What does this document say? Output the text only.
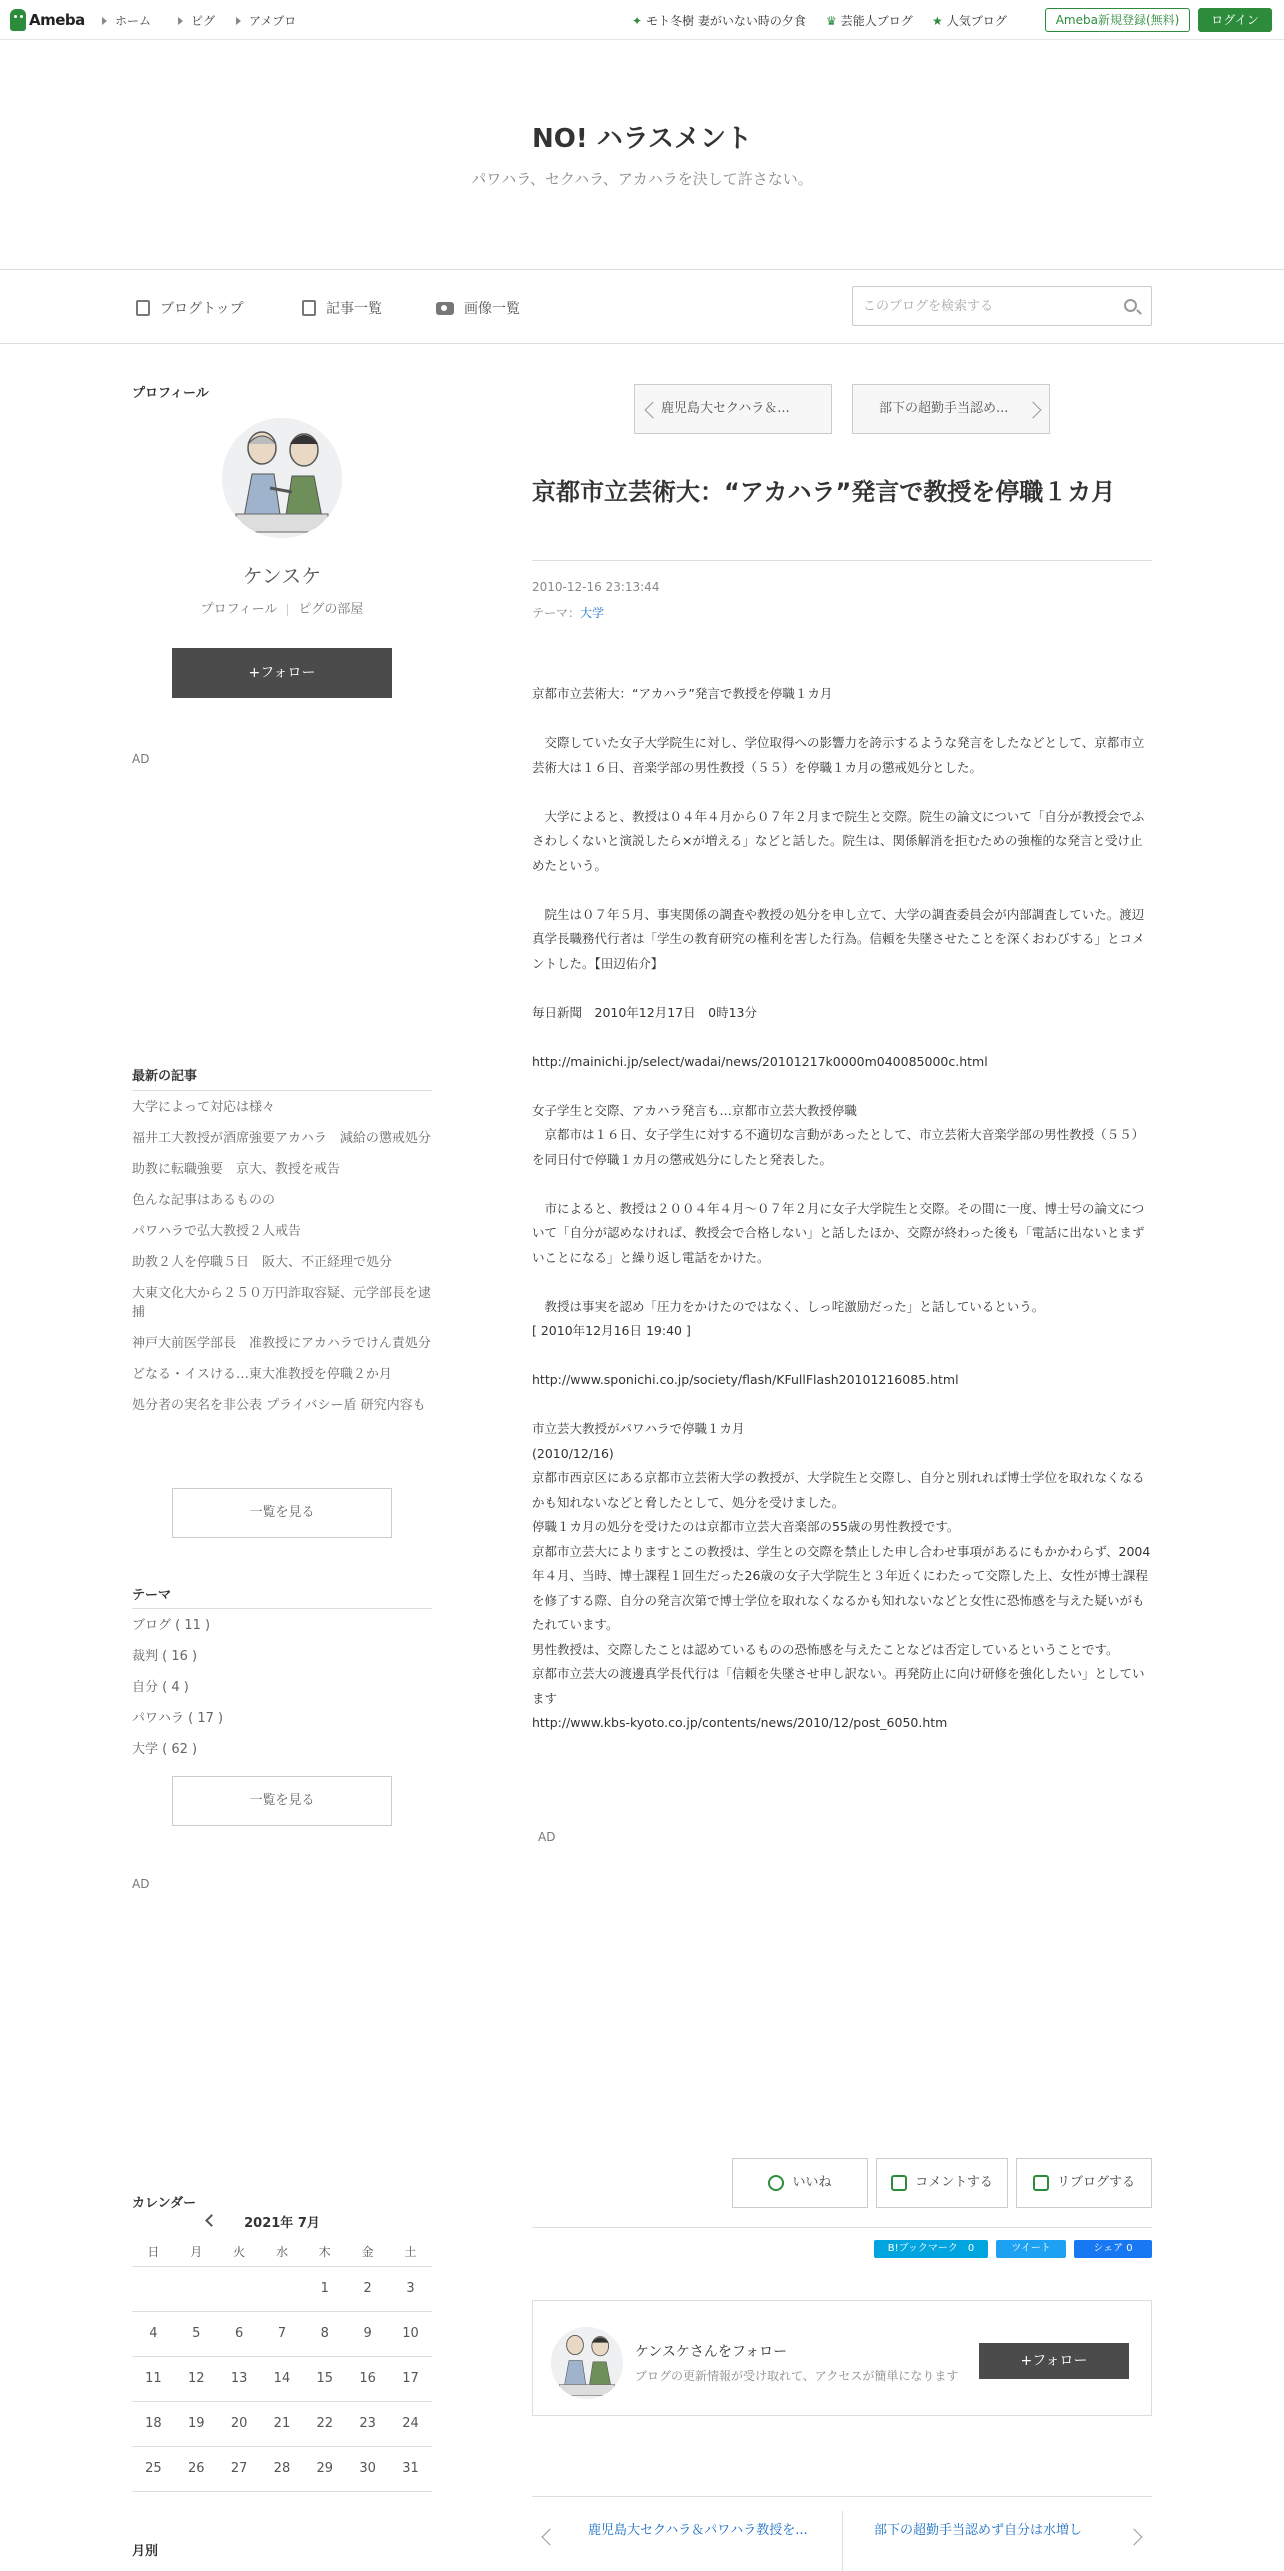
Ameba	ホーム	ピグ	アメブロ	✦ モト冬樹 妻がいない時の夕食 ♛ 芸能人ブログ ★ 人気ブログ	Ameba新規登録(無料)	ログイン
NO! ハラスメント

パワハラ、セクハラ、アカハラを決して許さない。

ブログトップ	記事一覧	画像一覧
このブログを検索する
プロフィール
ケンスケ
プロフィール ピグの部屋
+フォロー
AD
最新の記事
大学によって対応は様々
福井工大教授が酒席強要アカハラ　減給の懲戒処分
助教に転職強要　京大、教授を戒告
色んな記事はあるものの
パワハラで弘大教授２人戒告
助教２人を停職５日　阪大、不正経理で処分
大東文化大から２５０万円詐取容疑、元学部長を逮捕
神戸大前医学部長　准教授にアカハラでけん責処分
どなる・イスける…東大准教授を停職２か月
処分者の実名を非公表 プライバシー盾 研究内容も
一覧を見る
テーマ
ブログ ( 11 )
裁判 ( 16 )
自分 ( 4 )
パワハラ ( 17 )
大学 ( 62 )
一覧を見る
AD
カレンダー
2021年 7月
日	月	火	水	木	金	土
				1	2	3
4	5	6	7	8	9	10
11	12	13	14	15	16	17
18	19	20	21	22	23	24
25	26	27	28	29	30	31
月別
鹿児島大セクハラ＆...	部下の超勤手当認め...
京都市立芸術大：“アカハラ”発言で教授を停職１カ月
2010-12-16 23:13:44
テーマ：大学

京都市立芸術大：“アカハラ”発言で教授を停職１カ月

　交際していた女子大学院生に対し、学位取得への影響力を誇示するような発言をしたなどとして、京都市立芸術大は１６日、音楽学部の男性教授（５５）を停職１カ月の懲戒処分とした。

　大学によると、教授は０４年４月から０７年２月まで院生と交際。院生の論文について「自分が教授会でふさわしくないと演説したら×が増える」などと話した。院生は、関係解消を拒むための強権的な発言と受け止めたという。

　院生は０７年５月、事実関係の調査や教授の処分を申し立て、大学の調査委員会が内部調査していた。渡辺真学長職務代行者は「学生の教育研究の権利を害した行為。信頼を失墜させたことを深くおわびする」とコメントした。【田辺佑介】

毎日新聞　2010年12月17日　0時13分

http://mainichi.jp/select/wadai/news/20101217k0000m040085000c.html

女子学生と交際、アカハラ発言も…京都市立芸大教授停職

　京都市は１６日、女子学生に対する不適切な言動があったとして、市立芸術大音楽学部の男性教授（５５）を同日付で停職１カ月の懲戒処分にしたと発表した。

　市によると、教授は２００４年４月～０７年２月に女子大学院生と交際。その間に一度、博士号の論文について「自分が認めなければ、教授会で合格しない」と話したほか、交際が終わった後も「電話に出ないとまずいことになる」と繰り返し電話をかけた。

　教授は事実を認め「圧力をかけたのではなく、しっ咤激励だった」と話しているという。

[ 2010年12月16日 19:40 ]

http://www.sponichi.co.jp/society/flash/KFullFlash20101216085.html

市立芸大教授がパワハラで停職１カ月

(2010/12/16)

京都市西京区にある京都市立芸術大学の教授が、大学院生と交際し、自分と別れれば博士学位を取れなくなるかも知れないなどと脅したとして、処分を受けました。

停職１カ月の処分を受けたのは京都市立芸大音楽部の55歳の男性教授です。

京都市立芸大によりますとこの教授は、学生との交際を禁止した申し合わせ事項があるにもかかわらず、2004年４月、当時、博士課程１回生だった26歳の女子大学院生と３年近くにわたって交際した上、女性が博士課程を修了する際、自分の発言次第で博士学位を取れなくなるかも知れないなどと女性に恐怖感を与えた疑いがもたれています。

男性教授は、交際したことは認めているものの恐怖感を与えたことなどは否定しているということです。

京都市立芸大の渡邊真学長代行は「信頼を失墜させ申し訳ない。再発防止に向け研修を強化したい」としています

http://www.kbs-kyoto.co.jp/contents/news/2010/12/post_6050.htm

AD
いいね	コメントする	リブログする
B!ブックマーク　0	ツイート	シェア 0
ケンスケさんをフォロー
ブログの更新情報が受け取れて、アクセスが簡単になります
+フォロー
鹿児島大セクハラ＆パワハラ教授を...	部下の超勤手当認めず自分は水増し
